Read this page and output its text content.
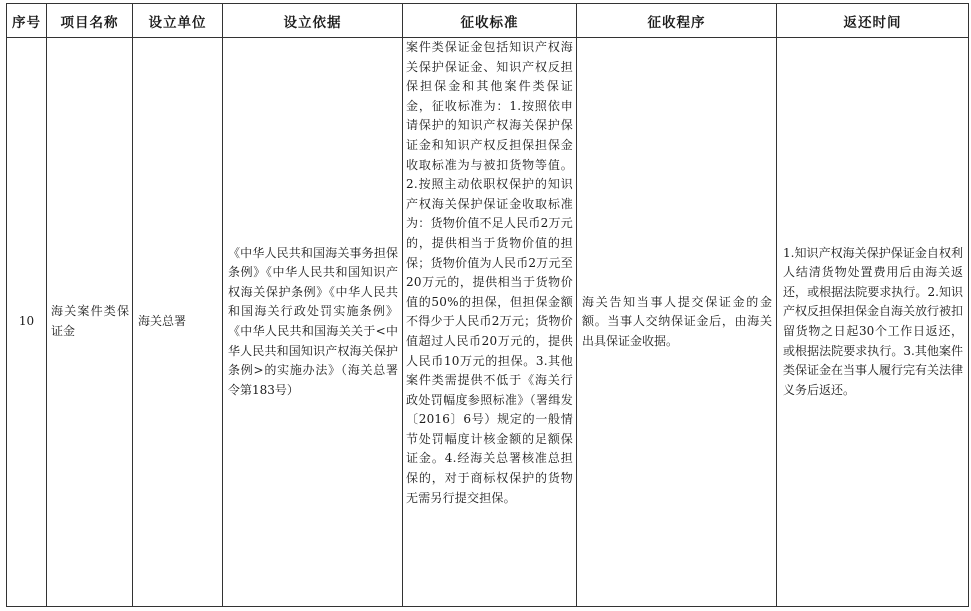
序号	项目名称	设立单位	设立依据	征收标准	征收程序	返还时间
10	海关案件类保证金	海关总署	《中华人民共和国海关事务担保条例》《中华人民共和国知识产权海关保护条例》《中华人民共和国海关行政处罚实施条例》《中华人民共和国海关关于<中华人民共和国知识产权海关保护条例>的实施办法》（海关总署令第183号）	案件类保证金包括知识产权海关保护保证金、知识产权反担保担保金和其他案件类保证金，征收标准为：1.按照依申请保护的知识产权海关保护保证金和知识产权反担保担保金收取标准为与被扣货物等值。2.按照主动依职权保护的知识产权海关保护保证金收取标准为：货物价值不足人民币2万元的，提供相当于货物价值的担保；货物价值为人民币2万元至20万元的，提供相当于货物价值的50%的担保，但担保金额不得少于人民币2万元；货物价值超过人民币20万元的，提供人民币10万元的担保。3.其他案件类需提供不低于《海关行政处罚幅度参照标准》（署缉发〔2016〕6号）规定的一般情节处罚幅度计核金额的足额保证金。4.经海关总署核准总担保的，对于商标权保护的货物无需另行提交担保。	海关告知当事人提交保证金的金额。当事人交纳保证金后，由海关出具保证金收据。	1.知识产权海关保护保证金自权利人结清货物处置费用后由海关返还，或根据法院要求执行。2.知识产权反担保担保金自海关放行被扣留货物之日起30个工作日返还，或根据法院要求执行。3.其他案件类保证金在当事人履行完有关法律义务后返还。
